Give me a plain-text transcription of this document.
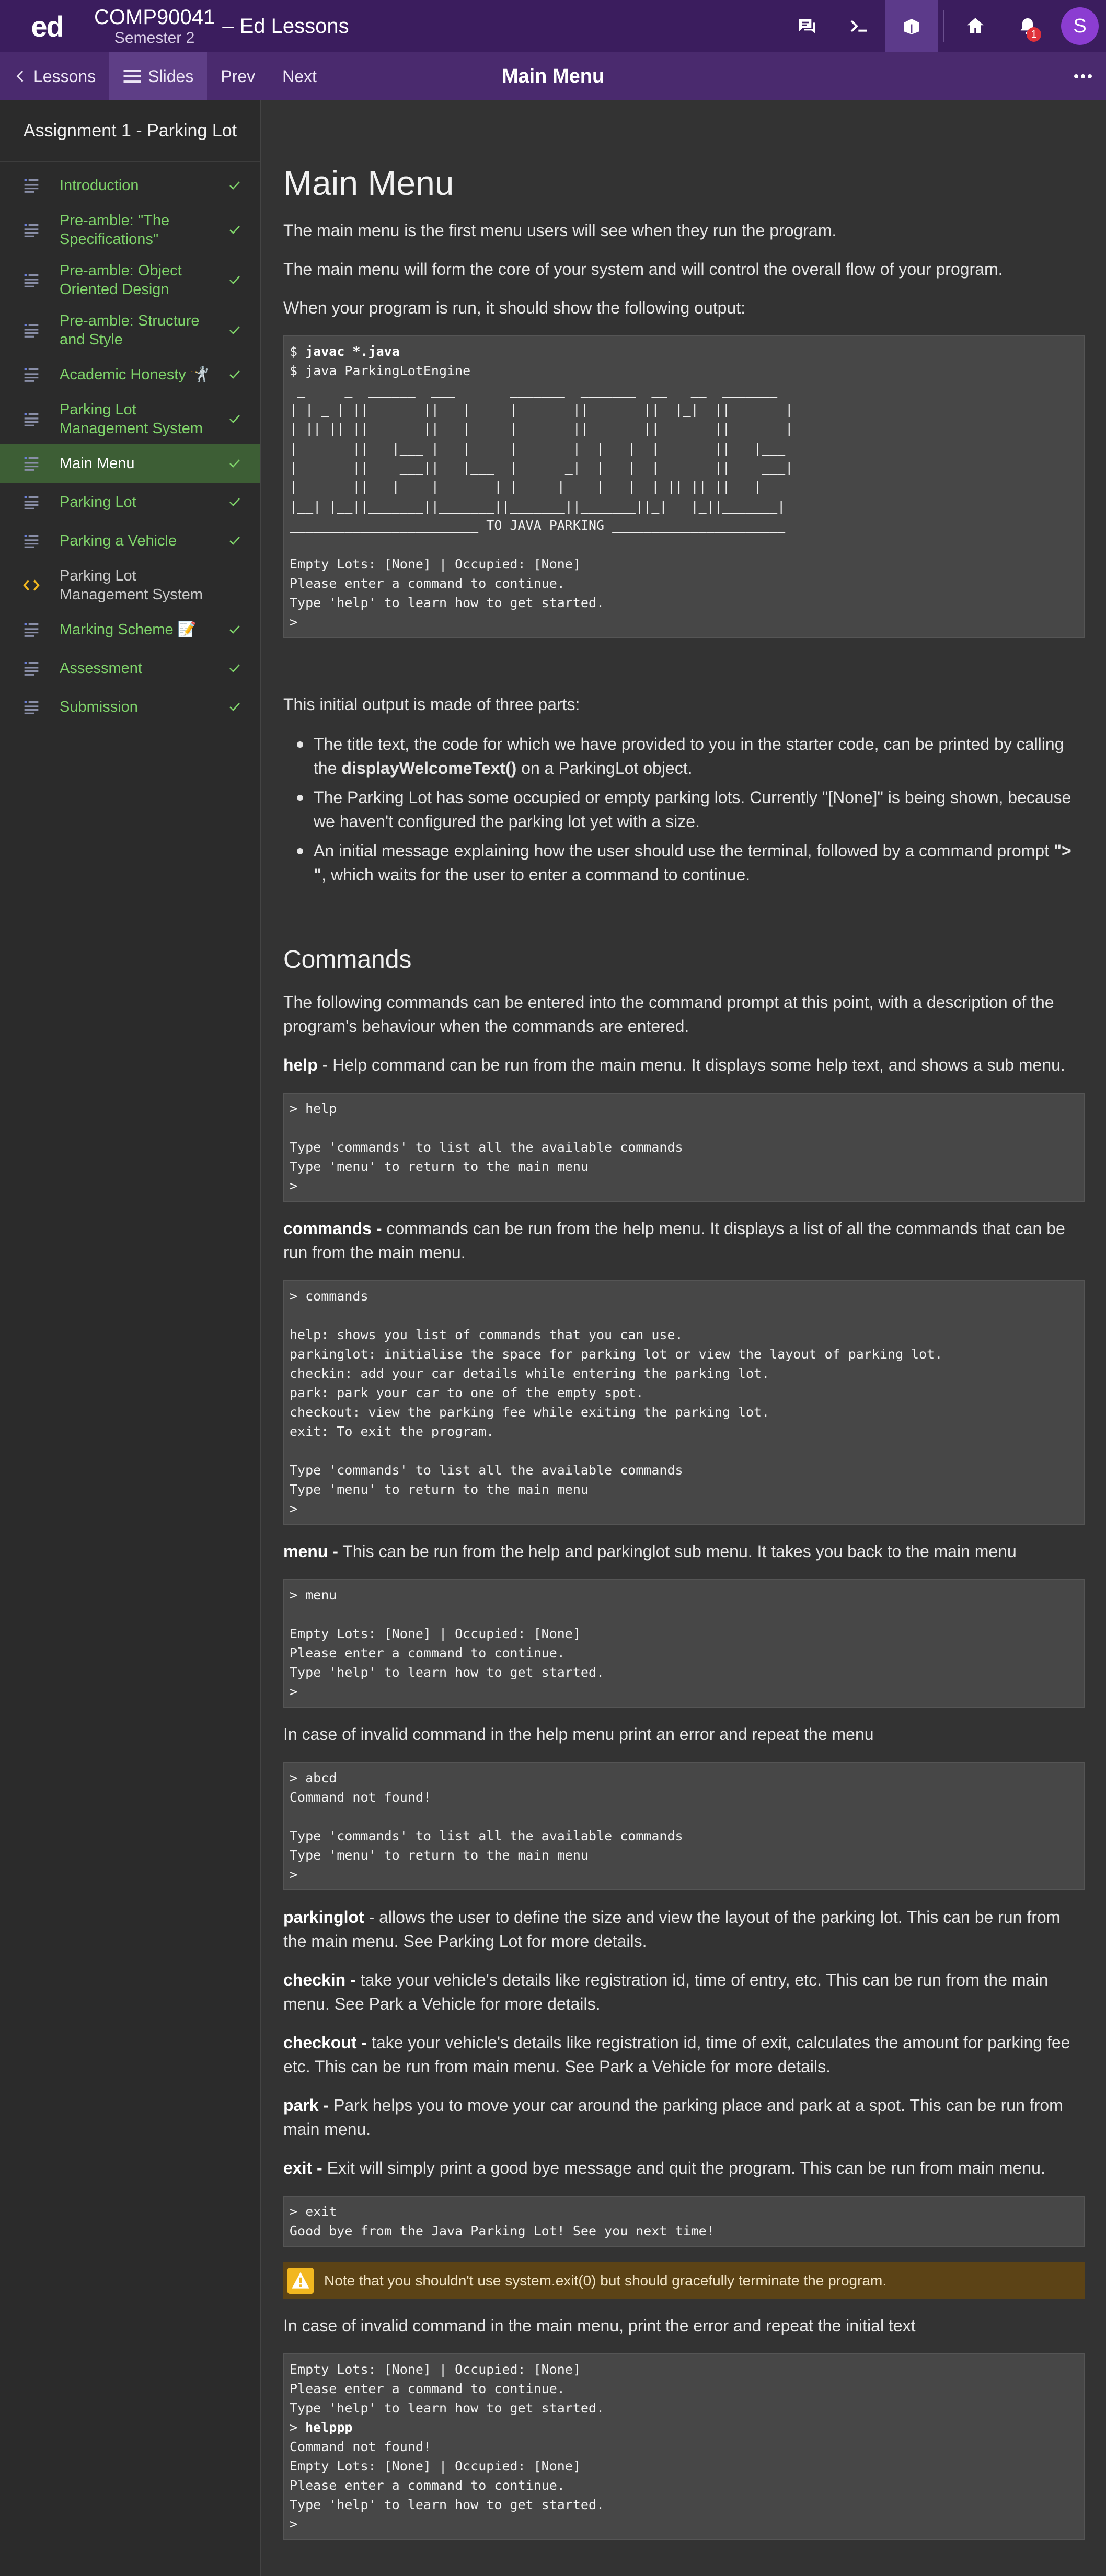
ed	COMP90041
Semester 2
– Ed Lessons	1	S
Lessons	Slides	Prev	Next	Main Menu
Assignment 1 - Parking Lot
Introduction
Pre-amble: "The Specifications"
Pre-amble: Object Oriented Design
Pre-amble: Structure and Style
Academic Honesty 🤺
Parking Lot Management System
Main Menu
Parking Lot
Parking a Vehicle
Parking Lot Management System
Marking Scheme 📝
Assessment
Submission
Main Menu

The main menu is the first menu users will see when they run the program.

The main menu will form the core of your system and will control the overall flow of your program.

When your program is run, it should show the following output:

$ javac *.java
$ java ParkingLotEngine
_     _  ______  ___       _______  _______  __   __  _______
| | _ | ||       ||   |     |       ||       ||  |_|  ||       |
| || || ||    ___||   |     |       ||_     _||       ||    ___|
|       ||   |___ |   |     |       |  |   |  |       ||   |___
|       ||    ___||   |___  |      _|  |   |  |       ||    ___|
|   _   ||   |___ |       | |     |_   |   |  | ||_|| ||   |___
|__| |__||_______||_______||_______||_______||_|   |_||_______|
________________________ TO JAVA PARKING ______________________

Empty Lots: [None] | Occupied: [None]
Please enter a command to continue.
Type 'help' to learn how to get started.
>

This initial output is made of three parts:

The title text, the code for which we have provided to you in the starter code, can be printed by calling the displayWelcomeText() on a ParkingLot object.
The Parking Lot has some occupied or empty parking lots. Currently "[None]" is being shown, because we haven't configured the parking lot yet with a size.
An initial message explaining how the user should use the terminal, followed by a command prompt "> ", which waits for the user to enter a command to continue.
Commands

The following commands can be entered into the command prompt at this point, with a description of the program's behaviour when the commands are entered.

help - Help command can be run from the main menu. It displays some help text, and shows a sub menu.

> help

Type 'commands' to list all the available commands
Type 'menu' to return to the main menu
>

commands - commands can be run from the help menu. It displays a list of all the commands that can be run from the main menu.

> commands

help: shows you list of commands that you can use.
parkinglot: initialise the space for parking lot or view the layout of parking lot.
checkin: add your car details while entering the parking lot.
park: park your car to one of the empty spot.
checkout: view the parking fee while exiting the parking lot.
exit: To exit the program.

Type 'commands' to list all the available commands
Type 'menu' to return to the main menu
>

menu - This can be run from the help and parkinglot sub menu. It takes you back to the main menu

> menu

Empty Lots: [None] | Occupied: [None]
Please enter a command to continue.
Type 'help' to learn how to get started.
>

In case of invalid command in the help menu print an error and repeat the menu

> abcd
Command not found!

Type 'commands' to list all the available commands
Type 'menu' to return to the main menu
>

parkinglot - allows the user to define the size and view the layout of the parking lot. This can be run from the main menu. See Parking Lot for more details.

checkin - take your vehicle's details like registration id, time of entry, etc. This can be run from the main menu. See Park a Vehicle for more details.

checkout - take your vehicle's details like registration id, time of exit, calculates the amount for parking fee etc. This can be run from main menu. See Park a Vehicle for more details.

park - Park helps you to move your car around the parking place and park at a spot. This can be run from main menu.

exit - Exit will simply print a good bye message and quit the program. This can be run from main menu.

> exit
Good bye from the Java Parking Lot! See you next time!
Note that you shouldn't use system.exit(0) but should gracefully terminate the program.

In case of invalid command in the main menu, print the error and repeat the initial text

Empty Lots: [None] | Occupied: [None]
Please enter a command to continue.
Type 'help' to learn how to get started.
> helppp
Command not found!
Empty Lots: [None] | Occupied: [None]
Please enter a command to continue.
Type 'help' to learn how to get started.
>
